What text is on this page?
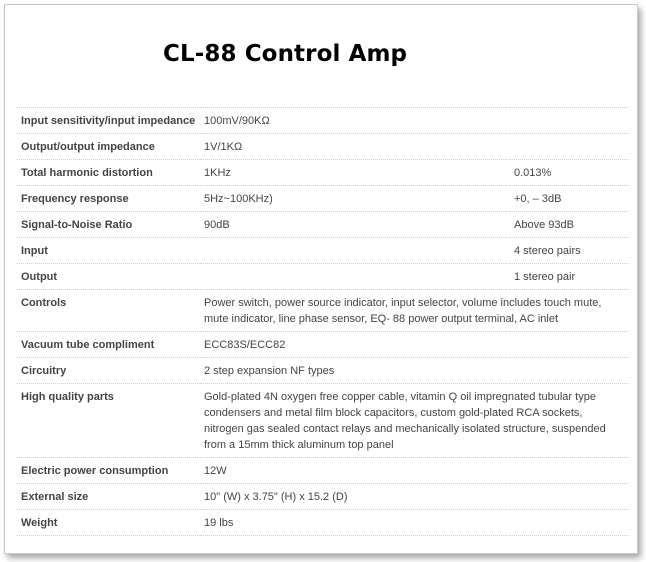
CL-88 Control Amp
Input sensitivity/input impedance	100mV/90KΩ	
Output/output impedance	1V/1KΩ	
Total harmonic distortion	1KHz	0.013%
Frequency response	5Hz~100KHz)	+0, – 3dB
Signal-to-Noise Ratio	90dB	Above 93dB
Input		4 stereo pairs
Output		1 stereo pair
Controls	Power switch, power source indicator, input selector, volume includes touch mute, mute indicator, line phase sensor, EQ- 88 power output terminal, AC inlet	
Vacuum tube compliment	ECC83S/ECC82	
Circuitry	2 step expansion NF types	
High quality parts	Gold-plated 4N oxygen free copper cable, vitamin Q oil impregnated tubular type condensers and metal film block capacitors, custom gold-plated RCA sockets, nitrogen gas sealed contact relays and mechanically isolated structure, suspended from a 15mm thick aluminum top panel	
Electric power consumption	12W	
External size	10" (W) x 3.75" (H) x 15.2 (D)	
Weight	19 lbs	
